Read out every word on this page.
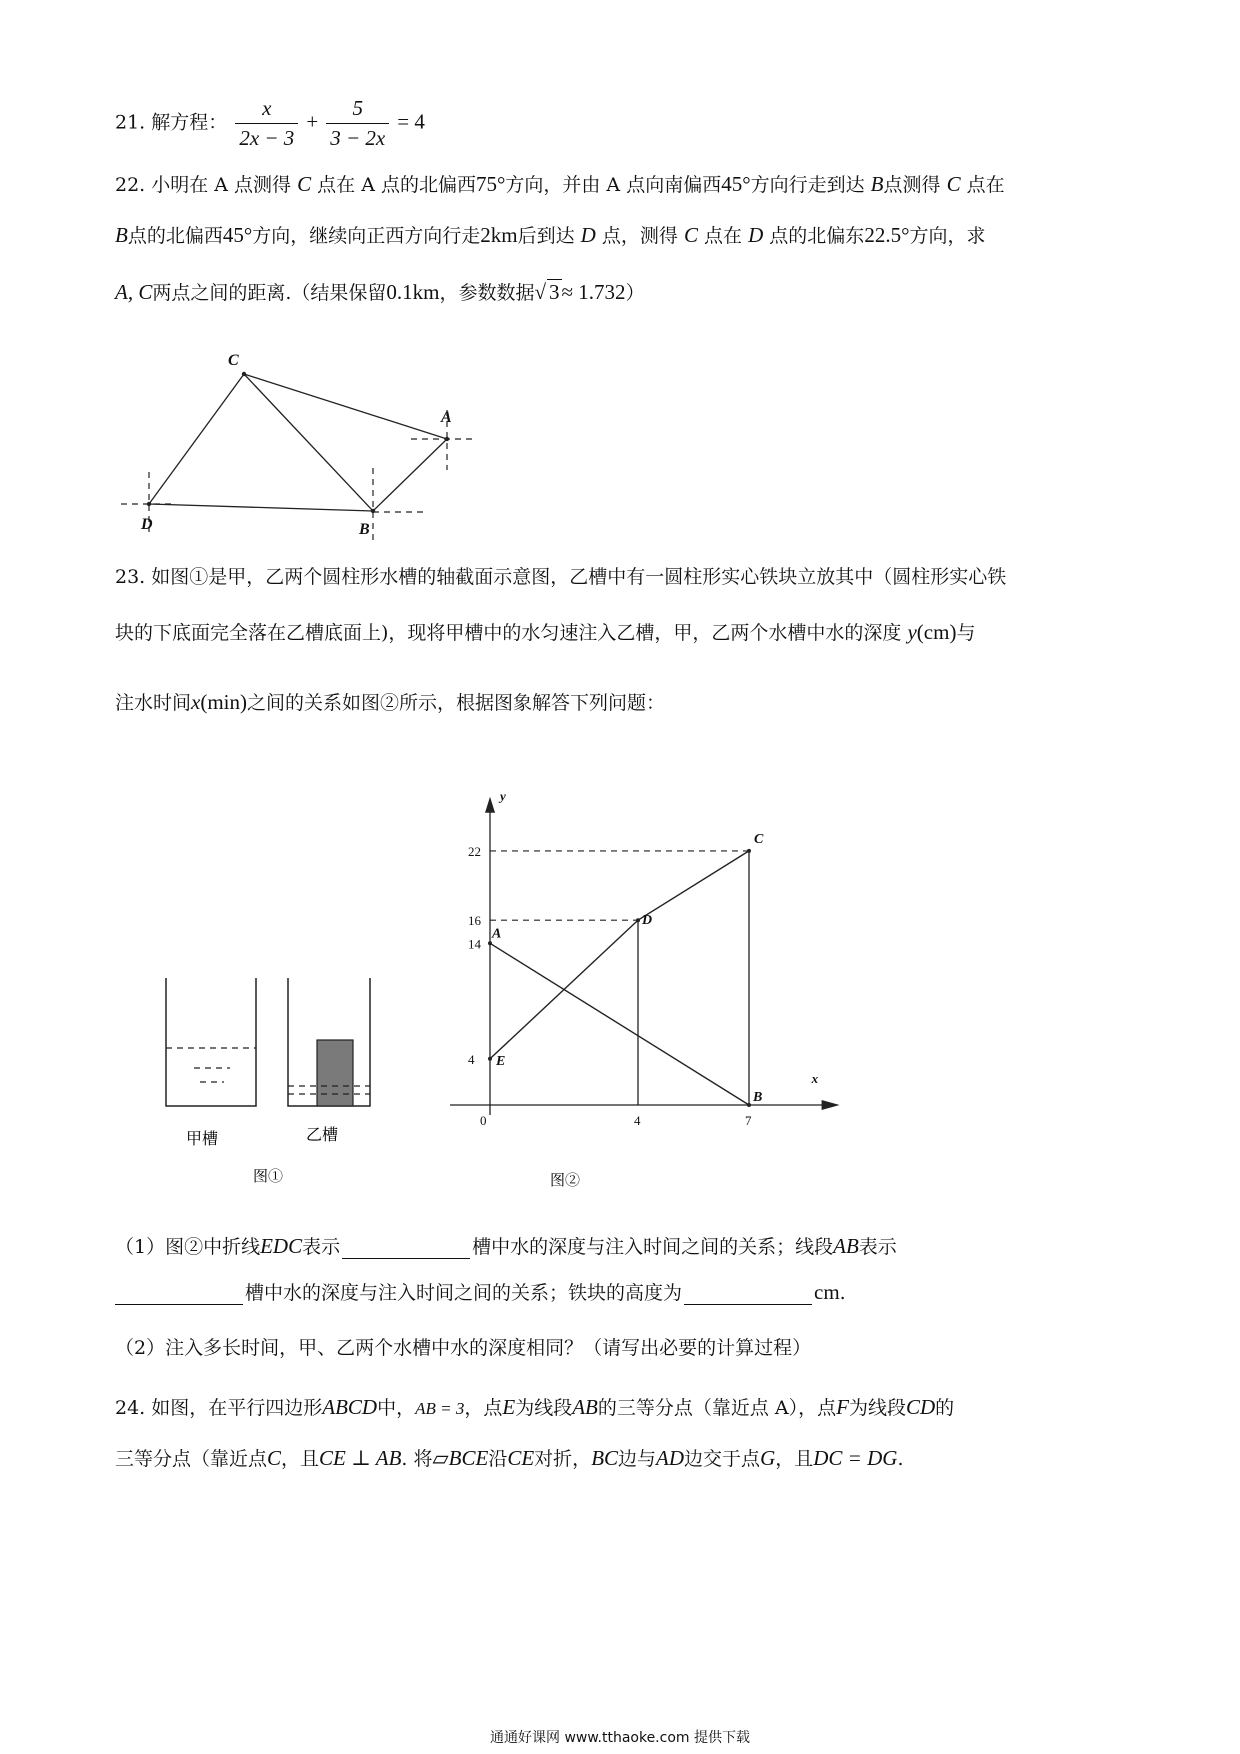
21. 解方程： $\frac{x}{2x - 3} + \frac{5}{3 - 2x} = 4$
22. 小明在 A 点测得 C 点在 A 点的北偏西75°方向，并由 A 点向南偏西45°方向行走到达 B点测得 C 点在
B点的北偏西45°方向，继续向正西方向行走2km后到达 D 点，测得 C 点在 D 点的北偏东22.5°方向，求
A, C两点之间的距离.（结果保留0.1km，参数数据√ 3≈ 1.732）
C
A
D	B
23. 如图①是甲，乙两个圆柱形水槽的轴截面示意图，乙槽中有一圆柱形实心铁块立放其中（圆柱形实心铁
块的下底面完全落在乙槽底面上)，现将甲槽中的水匀速注入乙槽，甲，乙两个水槽中水的深度 y(cm)与
注水时间x(min)之间的关系如图②所示，根据图象解答下列问题：
甲槽	乙槽
图①
x
y
0
4
14
16
22
4	7
C
D
A
E
B
图②
（1）图②中折线EDC表示	槽中水的深度与注入时间之间的关系；线段AB表示
槽中水的深度与注入时间之间的关系；铁块的高度为	cm.
（2）注入多长时间，甲、乙两个水槽中水的深度相同？（请写出必要的计算过程）
24. 如图，在平行四边形ABCD中，AB = 3，点E为线段AB的三等分点（靠近点 A），点F为线段CD的
三等分点（靠近点C，且CE ⊥ AB. 将▱BCE沿CE对折，BC边与AD边交于点G，且DC = DG.
通通好课网 www.tthaoke.com 提供下载
